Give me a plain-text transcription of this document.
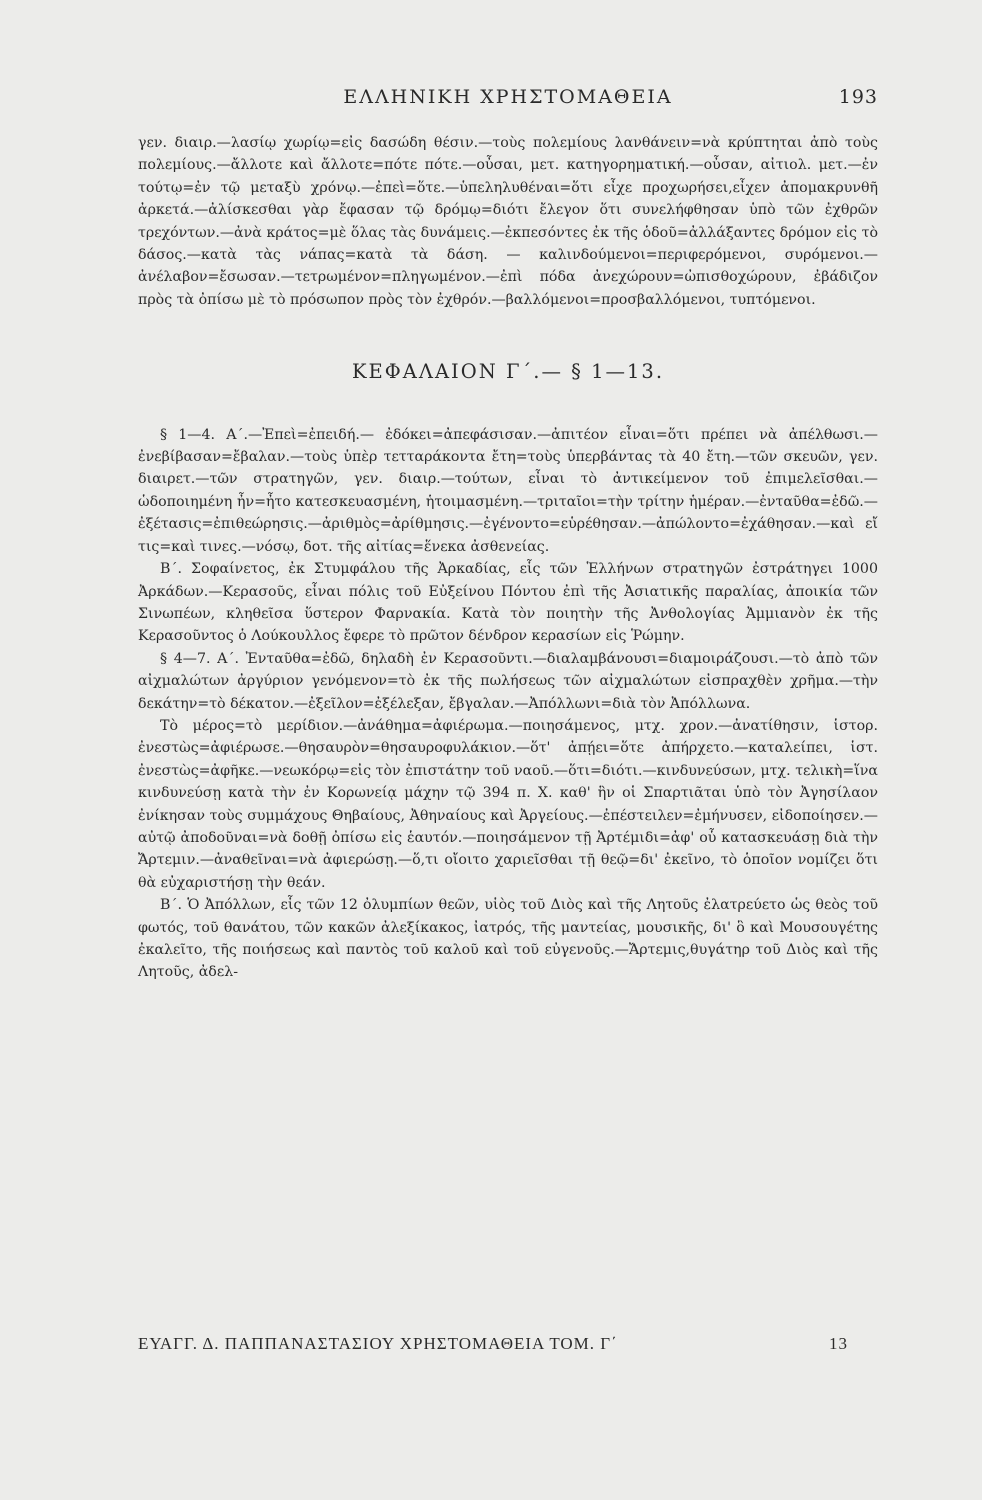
ΕΛΛΗΝΙΚΗ ΧΡΗΣΤΟΜΑΘΕΙΑ	193

γεν. διαιρ.—λασίῳ χωρίῳ=εἰς δασώδη θέσιν.—τοὺς πολεμίους λανθάνειν=νὰ κρύπτηται ἀπὸ τοὺς πολεμίους.—ἄλλοτε καὶ ἄλλοτε=πότε πότε.—οὖσαι, μετ. κατηγορηματική.—οὖσαν, αἰτιολ. μετ.—ἐν τούτῳ=ἐν τῷ μεταξὺ χρόνῳ.—ἐπεὶ=ὅτε.—ὑπεληλυθέναι=ὅτι εἶχε προχωρήσει,εἶχεν ἀπομακρυνθῆ ἀρκετά.—ἀλίσκεσθαι γὰρ ἔφασαν τῷ δρόμῳ=διότι ἔλεγον ὅτι συνελήφθησαν ὑπὸ τῶν ἐχθρῶν τρεχόντων.—ἀνὰ κράτος=μὲ ὅλας τὰς δυνάμεις.—ἐκπεσόντες ἐκ τῆς ὁδοῦ=ἀλλάξαντες δρόμον εἰς τὸ δάσος.—κατὰ τὰς νάπας=κατὰ τὰ δάση. — καλινδούμενοι=περιφερόμενοι, συρόμενοι.—ἀνέλαβον=ἔσωσαν.—τετρωμένον=πληγωμένον.—ἐπὶ πόδα ἀνεχώρουν=ὠπισθοχώρουν, ἐβάδιζον πρὸς τὰ ὀπίσω μὲ τὸ πρόσωπον πρὸς τὸν ἐχθρόν.—βαλλόμενοι=προσβαλλόμενοι, τυπτόμενοι.

ΚΕΦΑΛΑΙΟΝ Γ΄.— § 1—13.

§ 1—4. Α΄.—Ἐπεὶ=ἐπειδή.— ἐδόκει=ἀπεφάσισαν.—ἀπιτέον εἶναι=ὅτι πρέπει νὰ ἀπέλθωσι.—ἐνεβίβασαν=ἔβαλαν.—τοὺς ὑπὲρ τετταράκοντα ἔτη=τοὺς ὑπερβάντας τὰ 40 ἔτη.—τῶν σκευῶν, γεν. διαιρετ.—τῶν στρατηγῶν, γεν. διαιρ.—τούτων, εἶναι τὸ ἀντικείμενον τοῦ ἐπιμελεῖσθαι.—ὡδοποιημένη ἦν=ἦτο κατεσκευασμένη, ἡτοιμασμένη.—τριταῖοι=τὴν τρίτην ἡμέραν.—ἐνταῦθα=ἐδῶ.—ἐξέτασις=ἐπιθεώρησις.—ἀριθμὸς=ἀρίθμησις.—ἐγένοντο=εὑρέθησαν.—ἀπώλοντο=ἐχάθησαν.—καὶ εἴ τις=καὶ τινες.—νόσῳ, δοτ. τῆς αἰτίας=ἕνεκα ἀσθενείας.

Β΄. Σοφαίνετος, ἐκ Στυμφάλου τῆς Ἀρκαδίας, εἷς τῶν Ἑλλήνων στρατηγῶν ἐστράτηγει 1000 Ἀρκάδων.—Κερασοῦς, εἶναι πόλις τοῦ Εὐξείνου Πόντου ἐπὶ τῆς Ἀσιατικῆς παραλίας, ἀποικία τῶν Σινωπέων, κληθεῖσα ὕστερον Φαρνακία. Κατὰ τὸν ποιητὴν τῆς Ἀνθολογίας Ἀμμιανὸν ἐκ τῆς Κερασοῦντος ὁ Λούκουλλος ἔφερε τὸ πρῶτον δένδρον κερασίων εἰς Ῥώμην.

§ 4—7. Α΄. Ἐνταῦθα=ἐδῶ, δηλαδὴ ἐν Κερασοῦντι.—διαλαμβάνουσι=διαμοιράζουσι.—τὸ ἀπὸ τῶν αἰχμαλώτων ἀργύριον γενόμενον=τὸ ἐκ τῆς πωλήσεως τῶν αἰχμαλώτων εἰσπραχθὲν χρῆμα.—τὴν δεκάτην=τὸ δέκατον.—ἐξεῖλον=ἐξέλεξαν, ἔβγαλαν.—Ἀπόλλωνι=διὰ τὸν Ἀπόλλωνα.

Τὸ μέρος=τὸ μερίδιον.—ἀνάθημα=ἀφιέρωμα.—ποιησάμενος, μτχ. χρον.—ἀνατίθησιν, ἱστορ. ἐνεστὼς=ἀφιέρωσε.—θησαυρὸν=θησαυροφυλάκιον.—ὅτ' ἀπῄει=ὅτε ἀπήρχετο.—καταλείπει, ἱστ. ἐνεστὼς=ἀφῆκε.—νεωκόρῳ=εἰς τὸν ἐπιστάτην τοῦ ναοῦ.—ὅτι=διότι.—κινδυνεύσων, μτχ. τελικὴ=ἵνα κινδυνεύσῃ κατὰ τὴν ἐν Κορωνείᾳ μάχην τῷ 394 π. Χ. καθ' ἣν οἱ Σπαρτιᾶται ὑπὸ τὸν Ἀγησίλαον ἐνίκησαν τοὺς συμμάχους Θηβαίους, Ἀθηναίους καὶ Ἀργείους.—ἐπέστειλεν=ἐμήνυσεν, εἰδοποίησεν.—αὐτῷ ἀποδοῦναι=νὰ δοθῇ ὀπίσω εἰς ἑαυτόν.—ποιησάμενον τῇ Ἀρτέμιδι=ἀφ' οὗ κατασκευάσῃ διὰ τὴν Ἄρτεμιν.—ἀναθεῖναι=νὰ ἀφιερώσῃ.—ὅ,τι οἴοιτο χαριεῖσθαι τῇ θεῷ=δι' ἐκεῖνο, τὸ ὁποῖον νομίζει ὅτι θὰ εὐχαριστήσῃ τὴν θεάν.

Β΄. Ὁ Ἀπόλλων, εἷς τῶν 12 ὀλυμπίων θεῶν, υἱὸς τοῦ Διὸς καὶ τῆς Λητοῦς ἐλατρεύετο ὡς θεὸς τοῦ φωτός, τοῦ θανάτου, τῶν κακῶν ἀλεξίκακος, ἰατρός, τῆς μαντείας, μουσικῆς, δι' ὃ καὶ Μουσουγέτης ἐκαλεῖτο, τῆς ποιήσεως καὶ παντὸς τοῦ καλοῦ καὶ τοῦ εὐγενοῦς.—Ἄρτεμις,θυγάτηρ τοῦ Διὸς καὶ τῆς Λητοῦς, ἀδελ-

ΕΥΑΓΓ. Δ. ΠΑΠΠΑΝΑΣΤΑΣΙΟΥ ΧΡΗΣΤΟΜΑΘΕΙΑ ΤΟΜ. Γ΄	13
